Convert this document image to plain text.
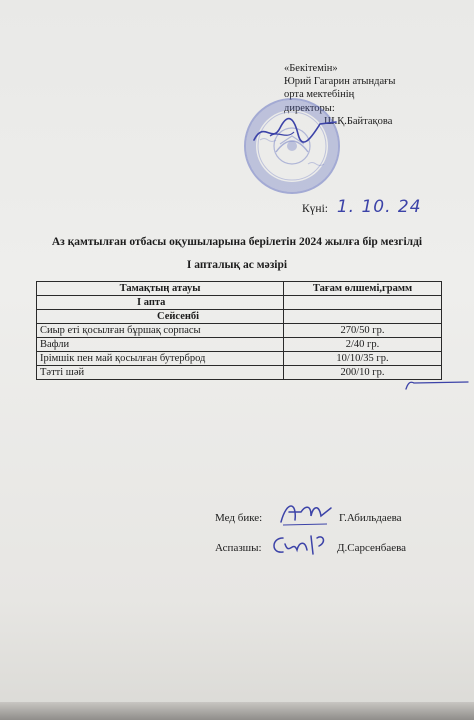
«Бекітемін»
Юрий Гагарин атындағы
орта мектебінің
директоры:
Ш.Қ.Байтақова
Күні: 1. 10. 24
Аз қамтылған отбасы оқушыларына берілетін 2024 жылға бір мезгілді
I апталық ас мәзірі
Тамақтың атауы	Тағам өлшемі,грамм
I апта	
Сейсенбі	
Сиыр еті қосылған бұршақ сорпасы	270/50 гр.
Вафли	2/40 гр.
Ірімшік пен май қосылған бутерброд	10/10/35 гр.
Тәтті шәй	200/10 гр.
Мед бике:	Г.Абильдаева
Аспазшы:	Д.Сарсенбаева
